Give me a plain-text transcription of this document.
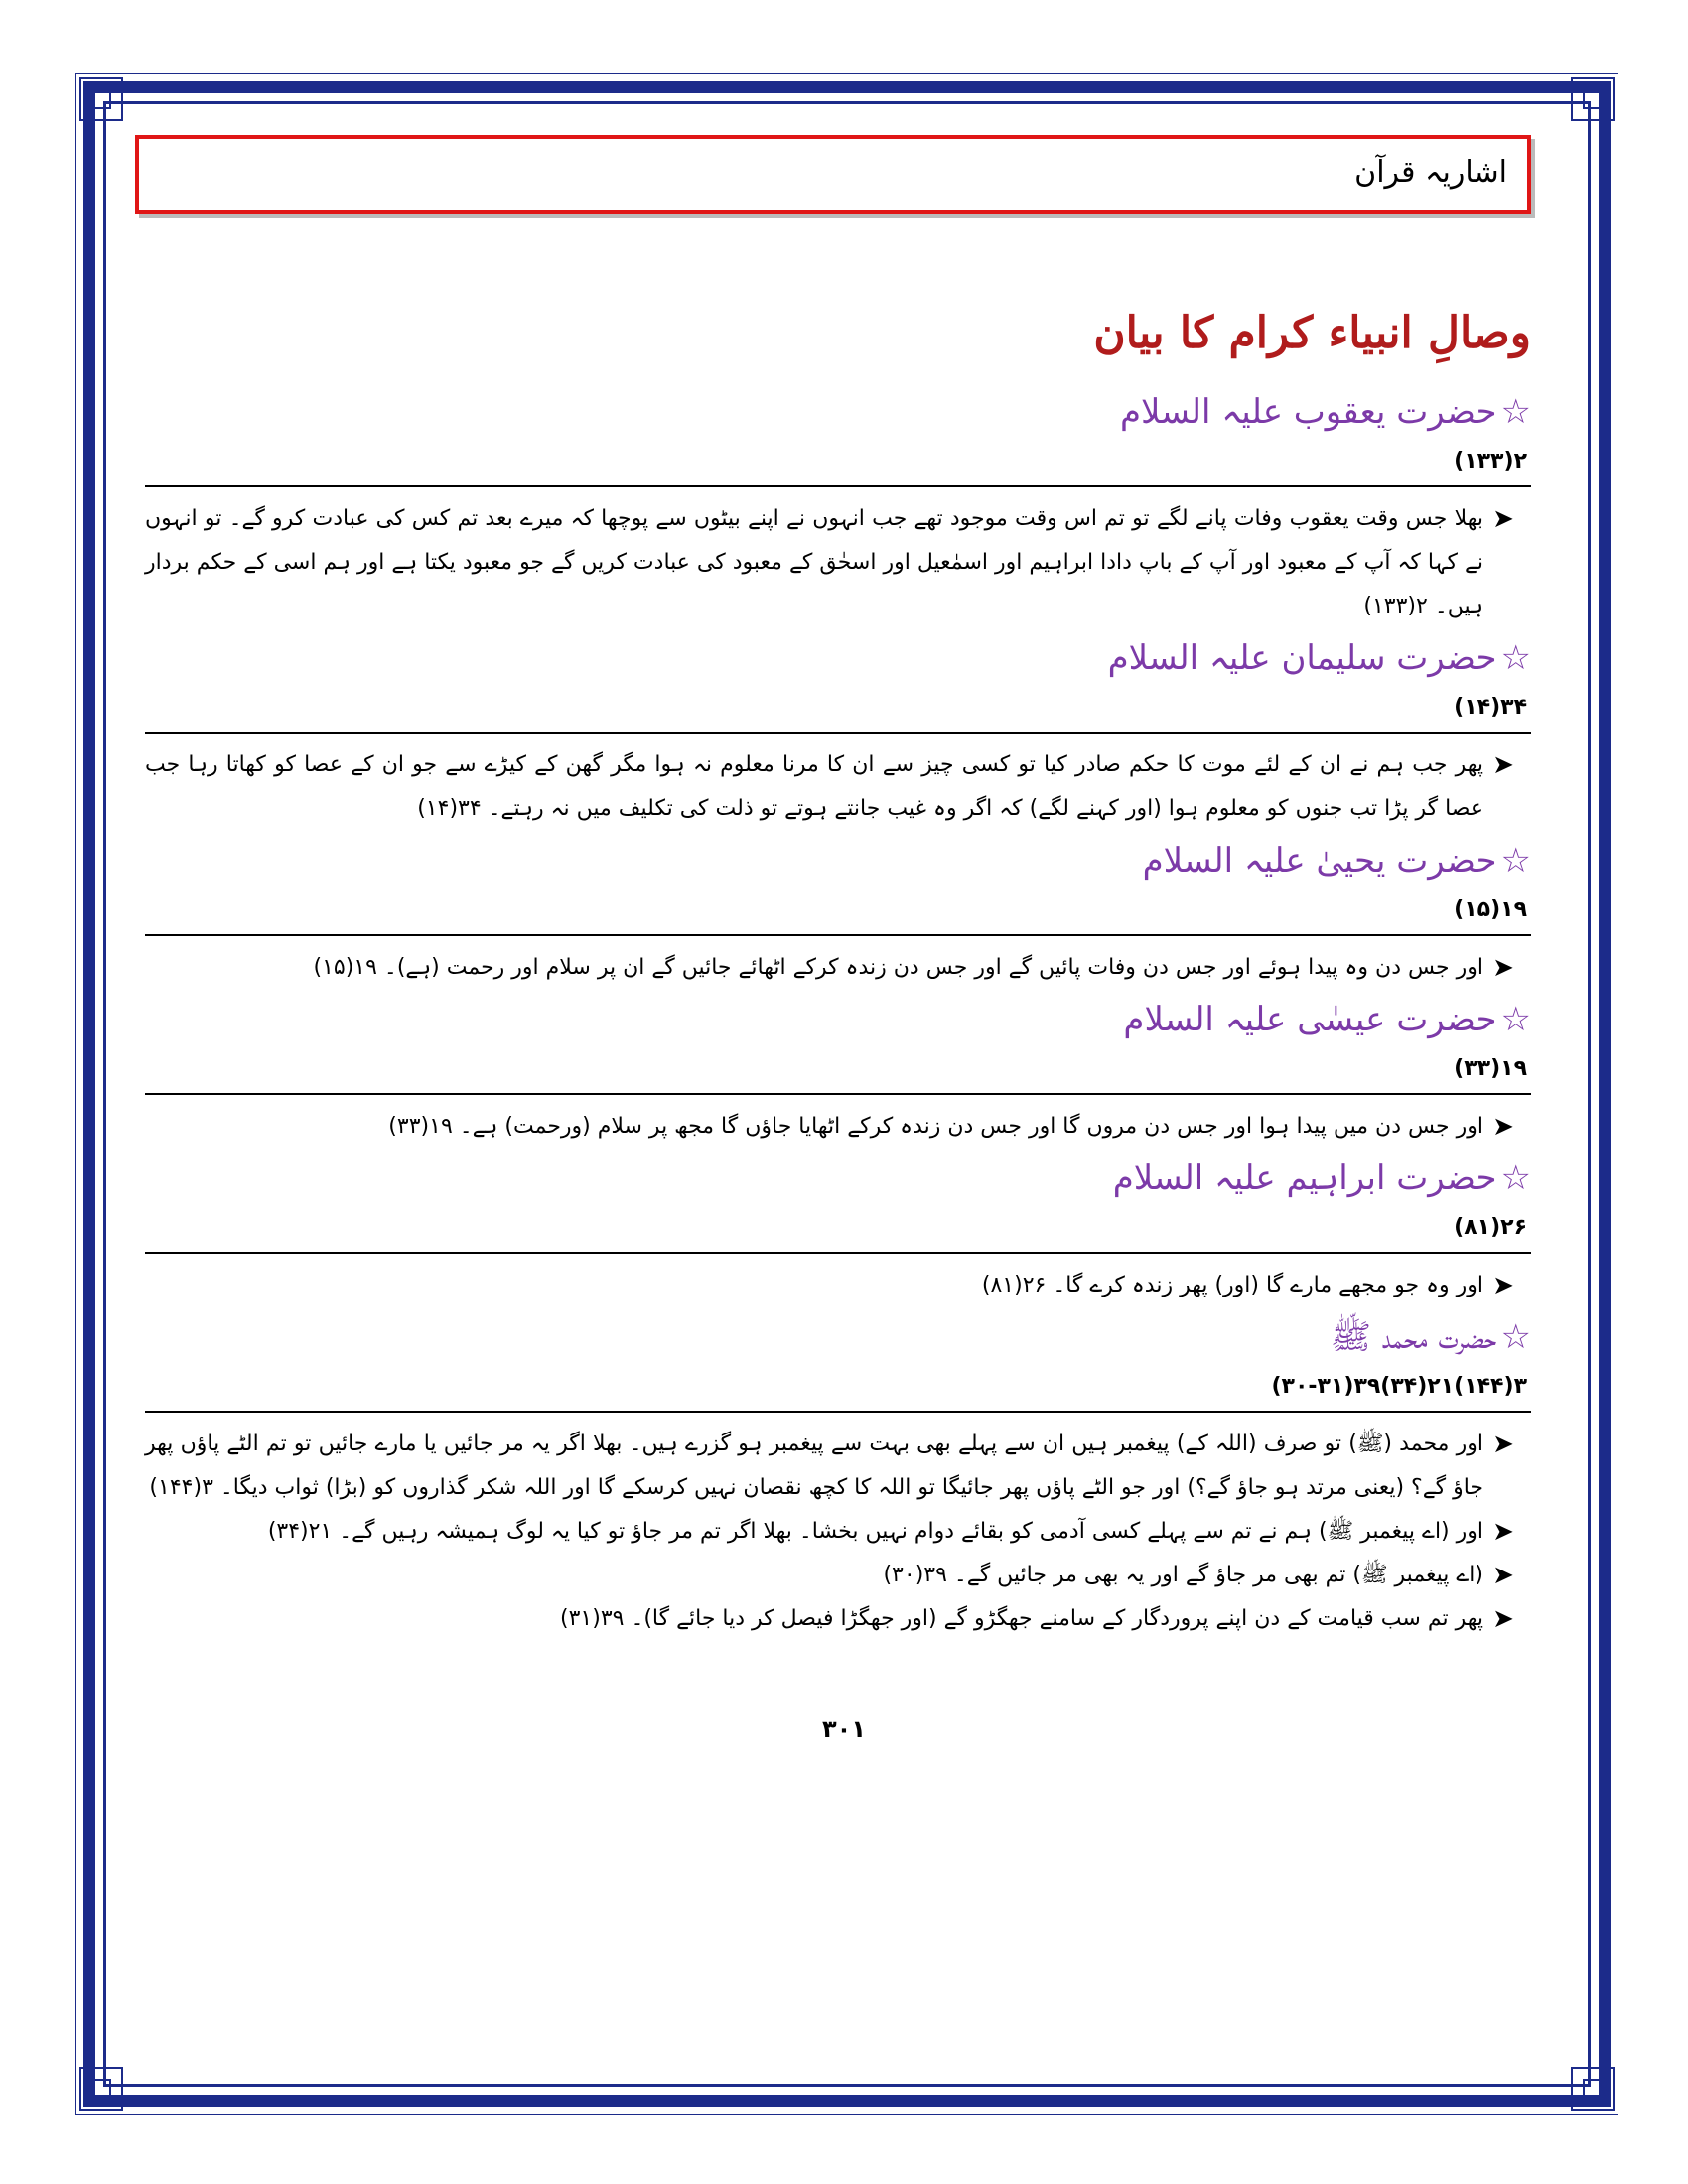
اشاریہ قرآن
وصالِ انبیاء کرام کا بیان
☆حضرت یعقوب علیہ السلام
۲(۱۳۳)
➤
بھلا جس وقت یعقوب وفات پانے لگے تو تم اس وقت موجود تھے جب انہوں نے اپنے بیٹوں سے پوچھا کہ میرے بعد تم کس کی عبادت کرو گے۔ تو انہوں نے کہا کہ آپ کے معبود اور آپ کے باپ دادا ابراہیم اور اسمٰعیل اور اسحٰق کے معبود کی عبادت کریں گے جو معبود یکتا ہے اور ہم اسی کے حکم بردار ہیں۔ ۲(۱۳۳)
☆حضرت سلیمان علیہ السلام
۳۴(۱۴)
➤
پھر جب ہم نے ان کے لئے موت کا حکم صادر کیا تو کسی چیز سے ان کا مرنا معلوم نہ ہوا مگر گھن کے کیڑے سے جو ان کے عصا کو کھاتا رہا جب عصا گر پڑا تب جنوں کو معلوم ہوا (اور کہنے لگے) کہ اگر وہ غیب جانتے ہوتے تو ذلت کی تکلیف میں نہ رہتے۔ ۳۴(۱۴)
☆حضرت یحییٰ علیہ السلام
۱۹(۱۵)
➤
اور جس دن وہ پیدا ہوئے اور جس دن وفات پائیں گے اور جس دن زندہ کرکے اٹھائے جائیں گے ان پر سلام اور رحمت (ہے)۔ ۱۹(۱۵)
☆حضرت عیسٰی علیہ السلام
۱۹(۳۳)
➤
اور جس دن میں پیدا ہوا اور جس دن مروں گا اور جس دن زندہ کرکے اٹھایا جاؤں گا مجھ پر سلام (ورحمت) ہے۔ ۱۹(۳۳)
☆حضرت ابراہیم علیہ السلام
۲۶(۸۱)
➤
اور وہ جو مجھے مارے گا (اور) پھر زندہ کرے گا۔ ۲۶(۸۱)
☆حضرت محمد ﷺ
۳(۱۴۴)۲۱(۳۴)۳۹(۳۰-۳۱)
➤
اور محمد (ﷺ) تو صرف (اللہ کے) پیغمبر ہیں ان سے پہلے بھی بہت سے پیغمبر ہو گزرے ہیں۔ بھلا اگر یہ مر جائیں یا مارے جائیں تو تم الٹے پاؤں پھر جاؤ گے؟ (یعنی مرتد ہو جاؤ گے؟) اور جو الٹے پاؤں پھر جائیگا تو اللہ کا کچھ نقصان نہیں کرسکے گا اور اللہ شکر گذاروں کو (بڑا) ثواب دیگا۔ ۳(۱۴۴)
➤
اور (اے پیغمبر ﷺ) ہم نے تم سے پہلے کسی آدمی کو بقائے دوام نہیں بخشا۔ بھلا اگر تم مر جاؤ تو کیا یہ لوگ ہمیشہ رہیں گے۔ ۲۱(۳۴)
➤
(اے پیغمبر ﷺ) تم بھی مر جاؤ گے اور یہ بھی مر جائیں گے۔ ۳۹(۳۰)
➤
پھر تم سب قیامت کے دن اپنے پروردگار کے سامنے جھگڑو گے (اور جھگڑا فیصل کر دیا جائے گا)۔ ۳۹(۳۱)
۳۰۱
